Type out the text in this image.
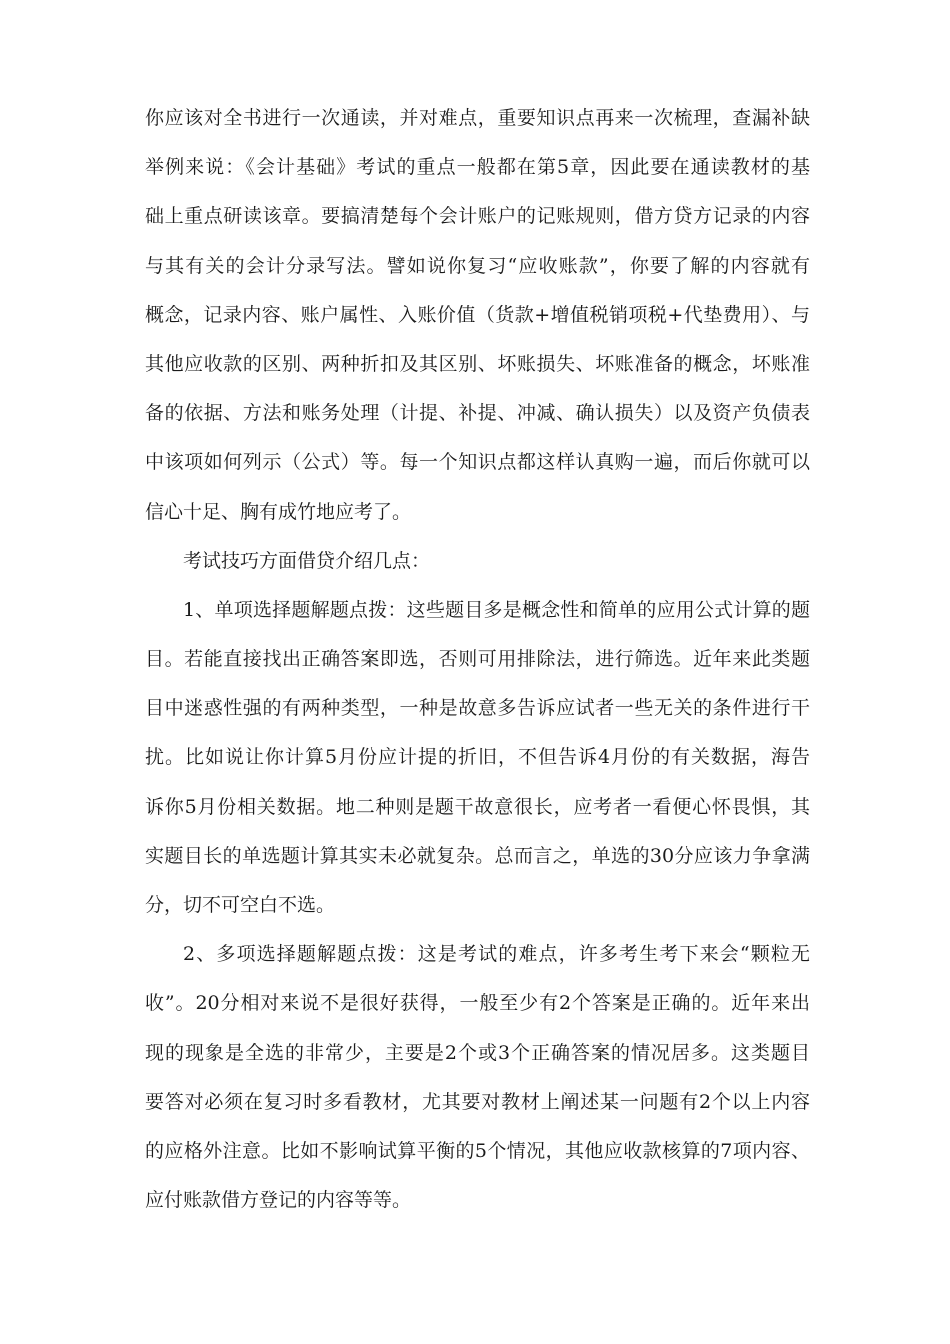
你应该对全书进行一次通读，并对难点，重要知识点再来一次梳理，查漏补缺
举例来说：《会计基础》考试的重点一般都在第5章，因此要在通读教材的基
础上重点研读该章。要搞清楚每个会计账户的记账规则，借方贷方记录的内容
与其有关的会计分录写法。譬如说你复习“应收账款”，你要了解的内容就有
概念，记录内容、账户属性、入账价值（货款+增值税销项税+代垫费用）、与
其他应收款的区别、两种折扣及其区别、坏账损失、坏账准备的概念，坏账准
备的依据、方法和账务处理（计提、补提、冲减、确认损失）以及资产负债表
中该项如何列示（公式）等。每一个知识点都这样认真购一遍，而后你就可以
信心十足、胸有成竹地应考了。
考试技巧方面借贷介绍几点：
1、单项选择题解题点拨：这些题目多是概念性和简单的应用公式计算的题
目。若能直接找出正确答案即选，否则可用排除法，进行筛选。近年来此类题
目中迷惑性强的有两种类型，一种是故意多告诉应试者一些无关的条件进行干
扰。比如说让你计算5月份应计提的折旧，不但告诉4月份的有关数据，海告
诉你5月份相关数据。地二种则是题干故意很长，应考者一看便心怀畏惧，其
实题目长的单选题计算其实未必就复杂。总而言之，单选的30分应该力争拿满
分，切不可空白不选。
2、多项选择题解题点拨：这是考试的难点，许多考生考下来会“颗粒无
收”。20分相对来说不是很好获得，一般至少有2个答案是正确的。近年来出
现的现象是全选的非常少，主要是2个或3个正确答案的情况居多。这类题目
要答对必须在复习时多看教材，尤其要对教材上阐述某一问题有2个以上内容
的应格外注意。比如不影响试算平衡的5个情况，其他应收款核算的7项内容、
应付账款借方登记的内容等等。
